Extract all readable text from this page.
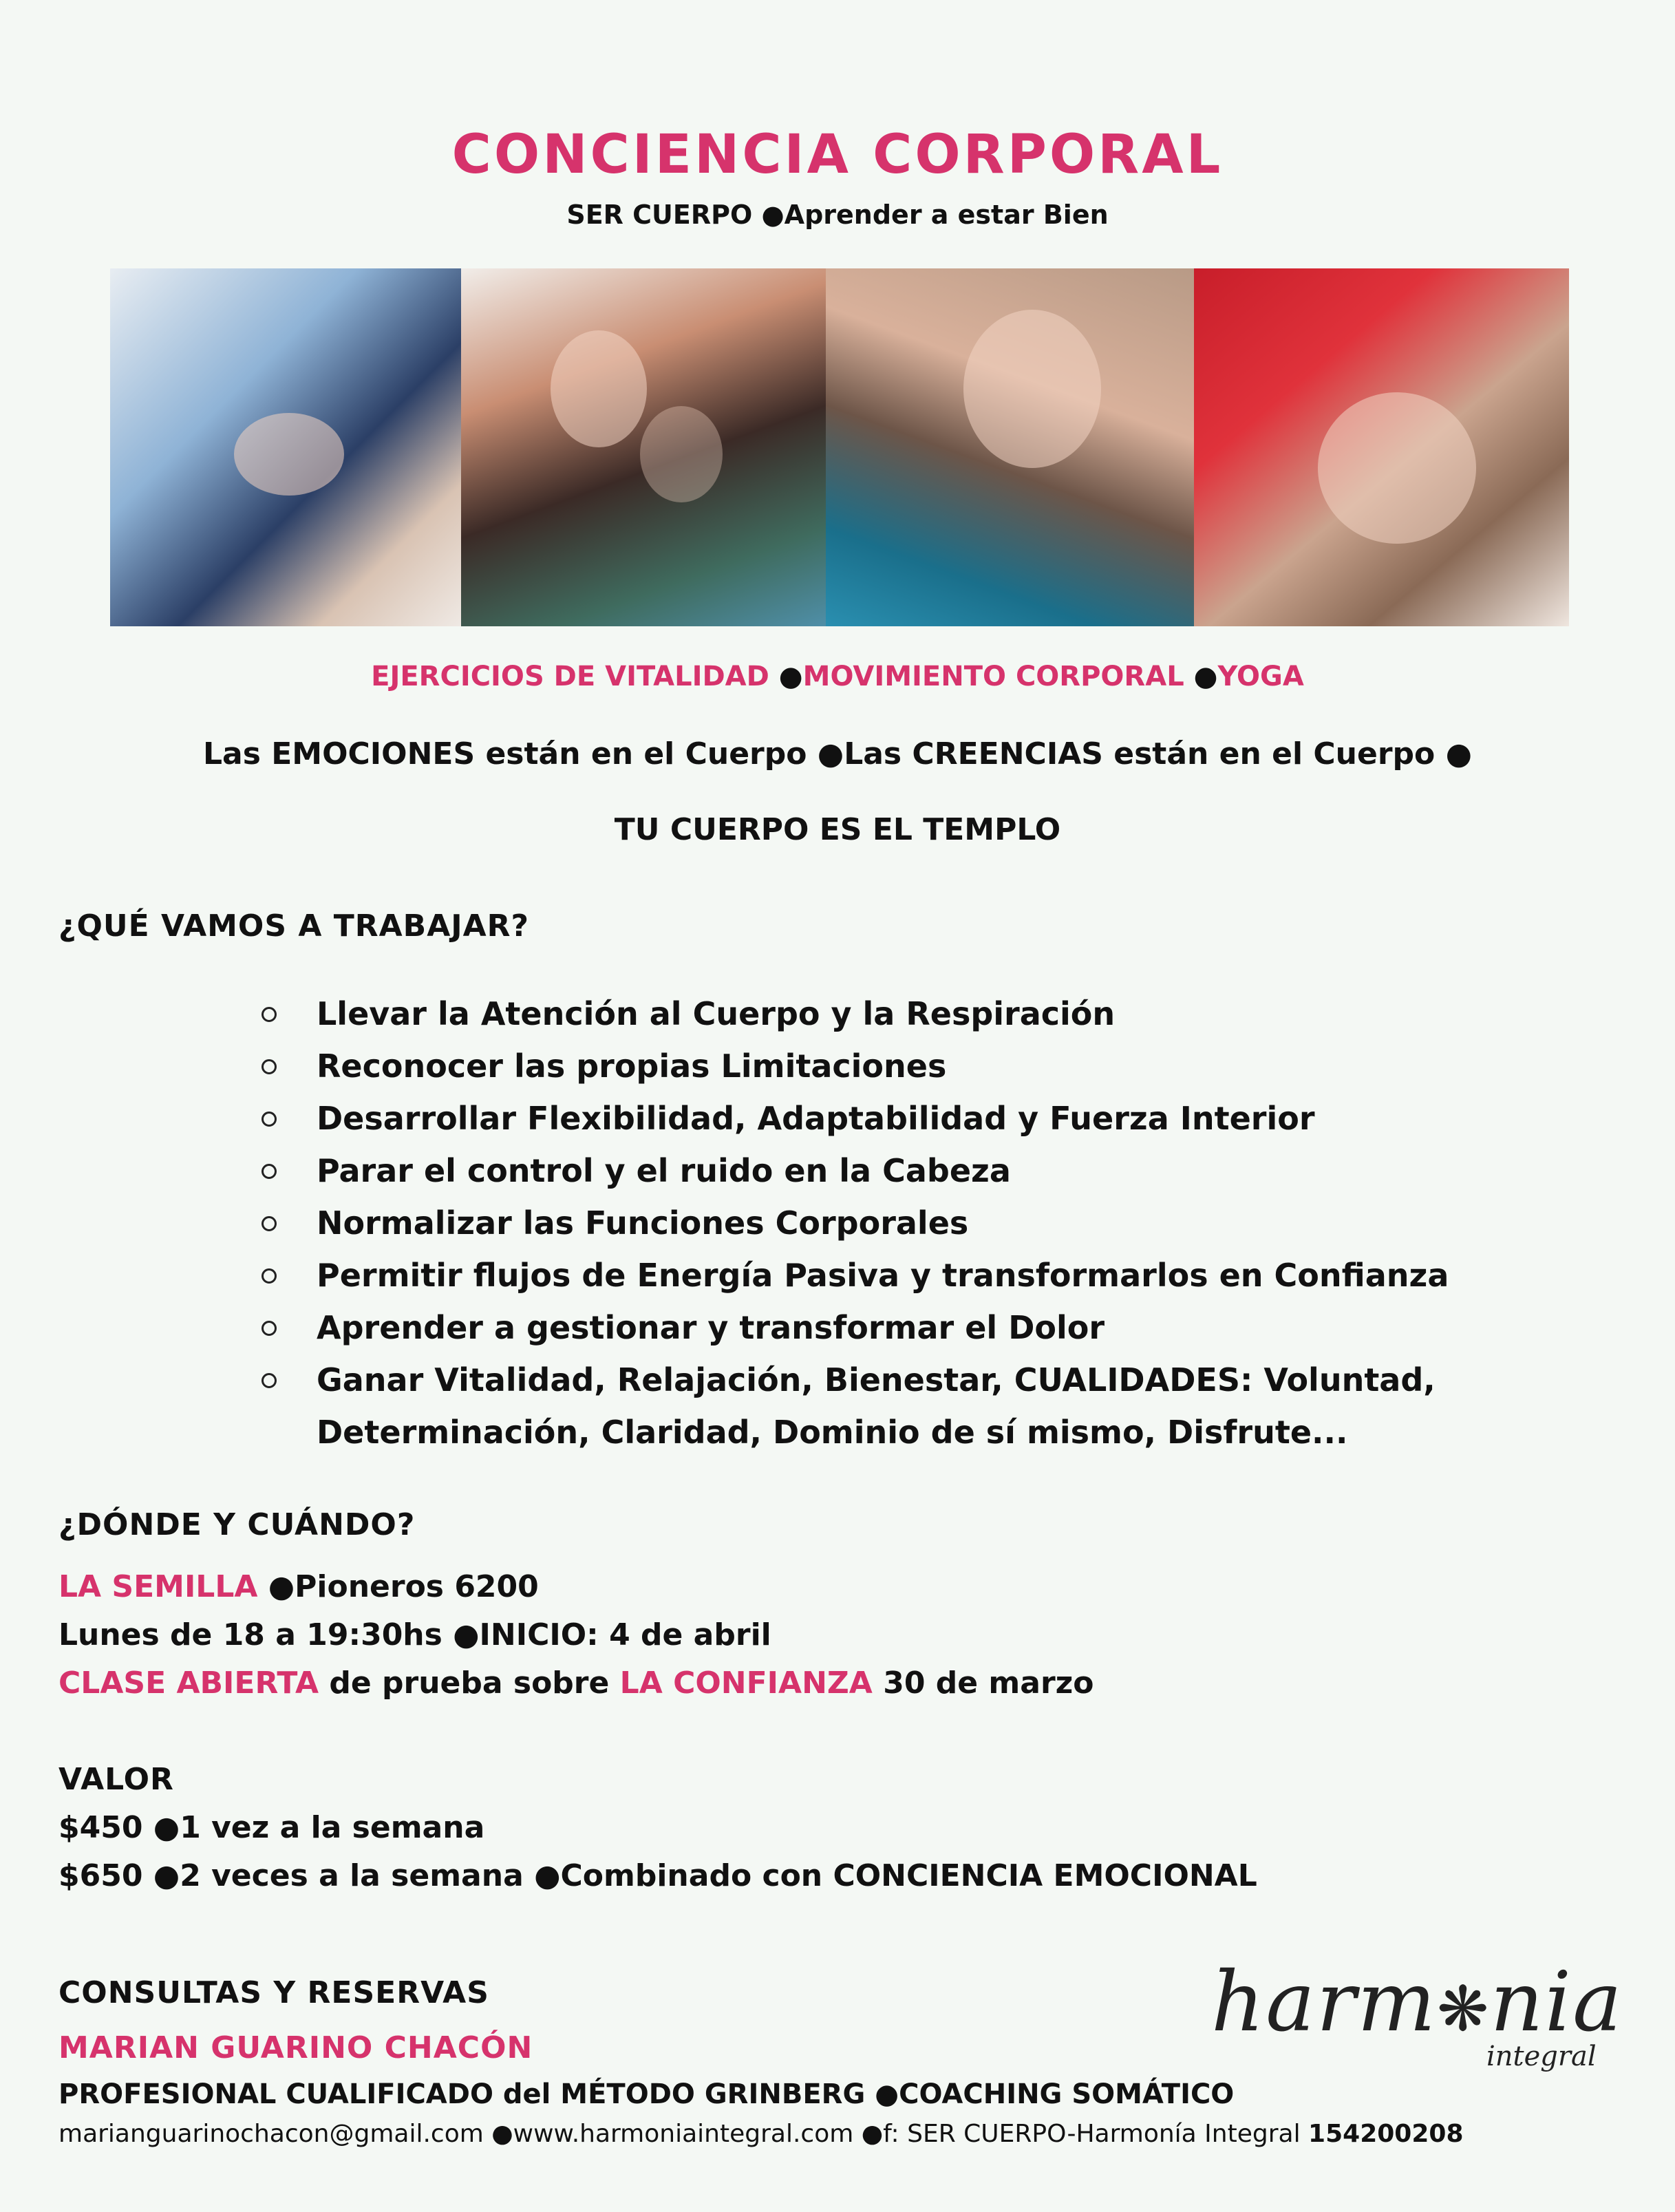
CONCIENCIA CORPORAL
SER CUERPO ● Aprender a estar Bien
EJERCICIOS DE VITALIDAD ● MOVIMIENTO CORPORAL ● YOGA
Las EMOCIONES están en el Cuerpo ● Las CREENCIAS están en el Cuerpo ●
TU CUERPO ES EL TEMPLO
¿QUÉ VAMOS A TRABAJAR?
Llevar la Atención al Cuerpo y la Respiración
Reconocer las propias Limitaciones
Desarrollar Flexibilidad, Adaptabilidad y Fuerza Interior
Parar el control y el ruido en la Cabeza
Normalizar las Funciones Corporales
Permitir flujos de Energía Pasiva y transformarlos en Confianza
Aprender a gestionar y transformar el Dolor
Ganar Vitalidad, Relajación, Bienestar, CUALIDADES: Voluntad, Determinación, Claridad, Dominio de sí mismo, Disfrute...
¿DÓNDE Y CUÁNDO?
LA SEMILLA ● Pioneros 6200
Lunes de 18 a 19:30hs ● INICIO: 4 de abril
CLASE ABIERTA de prueba sobre LA CONFIANZA 30 de marzo
VALOR
$450 ● 1 vez a la semana
$650 ● 2 veces a la semana ● Combinado con CONCIENCIA EMOCIONAL
CONSULTAS Y RESERVAS
MARIAN GUARINO CHACÓN
PROFESIONAL CUALIFICADO del MÉTODO GRINBERG ● COACHING SOMÁTICO
marianguarinochacon@gmail.com ● www.harmoniaintegral.com ● f: SER CUERPO-Harmonía Integral 154200208
harm❋nia
integral
